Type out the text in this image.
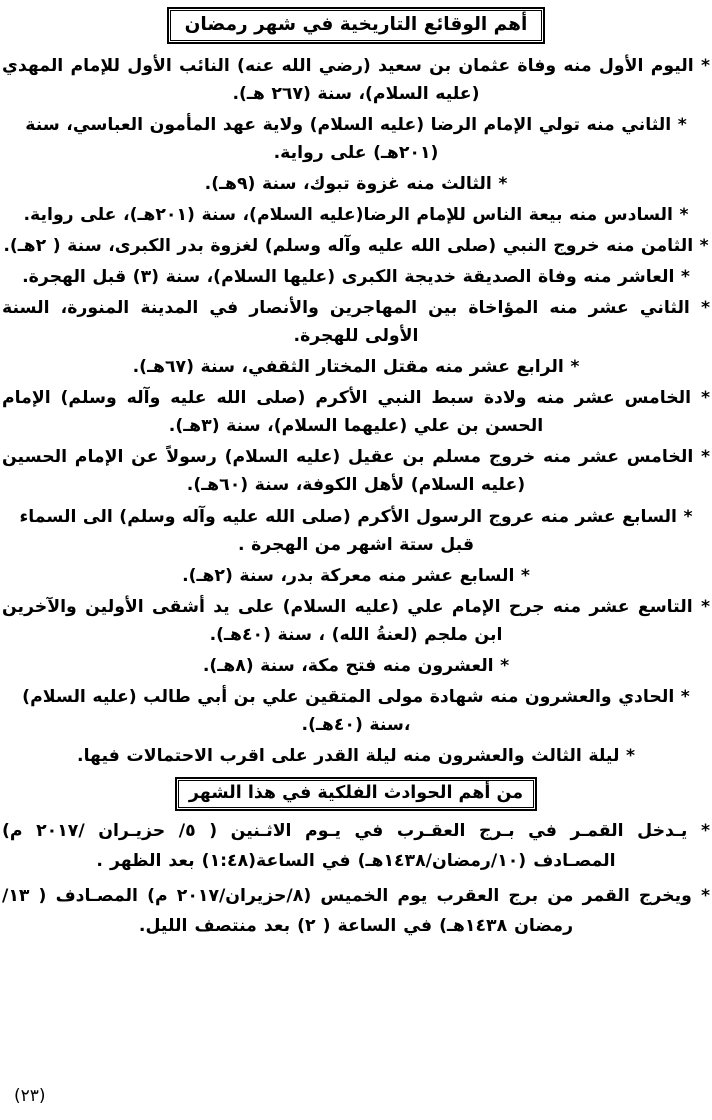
أهم الوقائع التاريخية في شهر رمضان
* اليوم الأول منه وفاة عثمان بن سعيد (رضي الله عنه) النائب الأول للإمام المهدي (عليه السلام)، سنة (٢٦٧ هـ).
* الثاني منه تولي الإمام الرضا (عليه السلام) ولاية عهد المأمون العباسي، سنة (٢٠١هـ) على رواية.
* الثالث منه غزوة تبوك، سنة (٩هـ).
* السادس منه بيعة الناس للإمام الرضا(عليه السلام)، سنة (٢٠١هـ)، على رواية.
* الثامن منه خروج النبي (صلى الله عليه وآله وسلم) لغزوة بدر الكبرى، سنة ( ٢هـ).
* العاشر منه وفاة الصديقة خديجة الكبرى (عليها السلام)، سنة (٣) قبل الهجرة.
* الثاني عشر منه المؤاخاة بين المهاجرين والأنصار في المدينة المنورة، السنة الأولى للهجرة.
* الرابع عشر منه مقتل المختار الثقفي، سنة (٦٧هـ).
* الخامس عشر منه ولادة سبط النبي الأكرم (صلى الله عليه وآله وسلم) الإمام الحسن بن علي (عليهما السلام)، سنة (٣هـ).
* الخامس عشر منه خروج مسلم بن عقيل (عليه السلام) رسولاً عن الإمام الحسين (عليه السلام) لأهل الكوفة، سنة (٦٠هـ).
* السابع عشر منه عروج الرسول الأكرم (صلى الله عليه وآله وسلم) الى السماء قبل ستة اشهر من الهجرة .
* السابع عشر منه معركة بدر، سنة (٢هـ).
* التاسع عشر منه جرح الإمام علي (عليه السلام) على يد أشقى الأولين والآخرين ابن ملجم (لعنةُ الله) ، سنة (٤٠هـ).
* العشرون منه فتح مكة، سنة (٨هـ).
* الحادي والعشرون منه شهادة مولى المتقين علي بن أبي طالب (عليه السلام) ،سنة (٤٠هـ).
* ليلة الثالث والعشرون منه ليلة القدر على اقرب الاحتمالات فيها.
من أهم الحوادث الفلكية في هذا الشهر

* يـدخل القمـر في بـرج العقـرب في يـوم الاثـنين ( ٥/ حزيـران /٢٠١٧ م) المصـادف (١٠/رمضان/١٤٣٨هـ) في الساعة(١:٤٨) بعد الظهر .

* ويخرج القمر من برج العقرب يوم الخميس (٨/حزيران/٢٠١٧ م) المصـادف ( ١٣/ رمضان ١٤٣٨هـ) في الساعة ( ٢) بعد منتصف الليل.

(٢٣)
